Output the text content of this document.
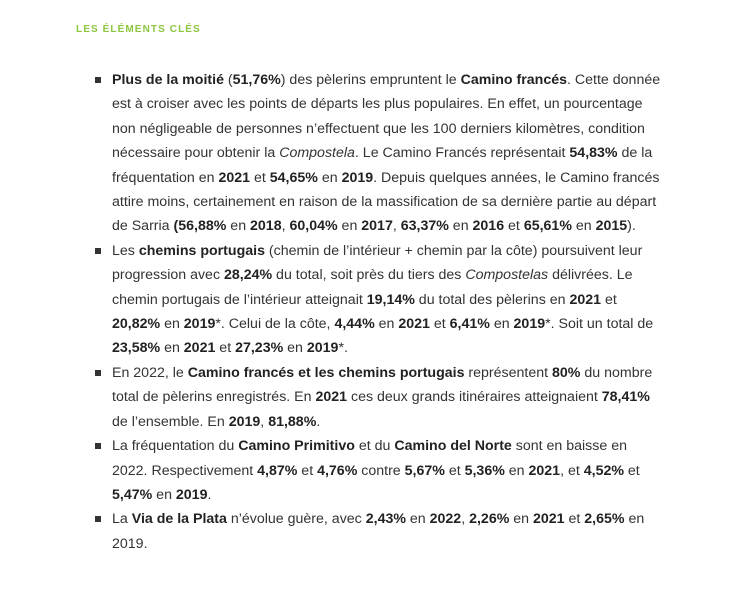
LES ÉLÉMENTS CLÉS
Plus de la moitié (51,76%) des pèlerins empruntent le Camino francés. Cette donnée est à croiser avec les points de départs les plus populaires. En effet, un pourcentage non négligeable de personnes n’effectuent que les 100 derniers kilomètres, condition nécessaire pour obtenir la Compostela. Le Camino Francés représentait 54,83% de la fréquentation en 2021 et 54,65% en 2019. Depuis quelques années, le Camino francés attire moins, certainement en raison de la massification de sa dernière partie au départ de Sarria (56,88% en 2018, 60,04% en 2017, 63,37% en 2016 et 65,61% en 2015).
Les chemins portugais (chemin de l’intérieur + chemin par la côte) poursuivent leur progression avec 28,24% du total, soit près du tiers des Compostelas délivrées. Le chemin portugais de l’intérieur atteignait 19,14% du total des pèlerins en 2021 et 20,82% en 2019*. Celui de la côte, 4,44% en 2021 et 6,41% en 2019*. Soit un total de 23,58% en 2021 et 27,23% en 2019*.
En 2022, le Camino francés et les chemins portugais représentent 80% du nombre total de pèlerins enregistrés. En 2021 ces deux grands itinéraires atteignaient 78,41% de l’ensemble. En 2019, 81,88%.
La fréquentation du Camino Primitivo et du Camino del Norte sont en baisse en 2022. Respectivement 4,87% et 4,76% contre 5,67% et 5,36% en 2021, et 4,52% et 5,47% en 2019.
La Via de la Plata n’évolue guère, avec 2,43% en 2022, 2,26% en 2021 et 2,65% en 2019.
